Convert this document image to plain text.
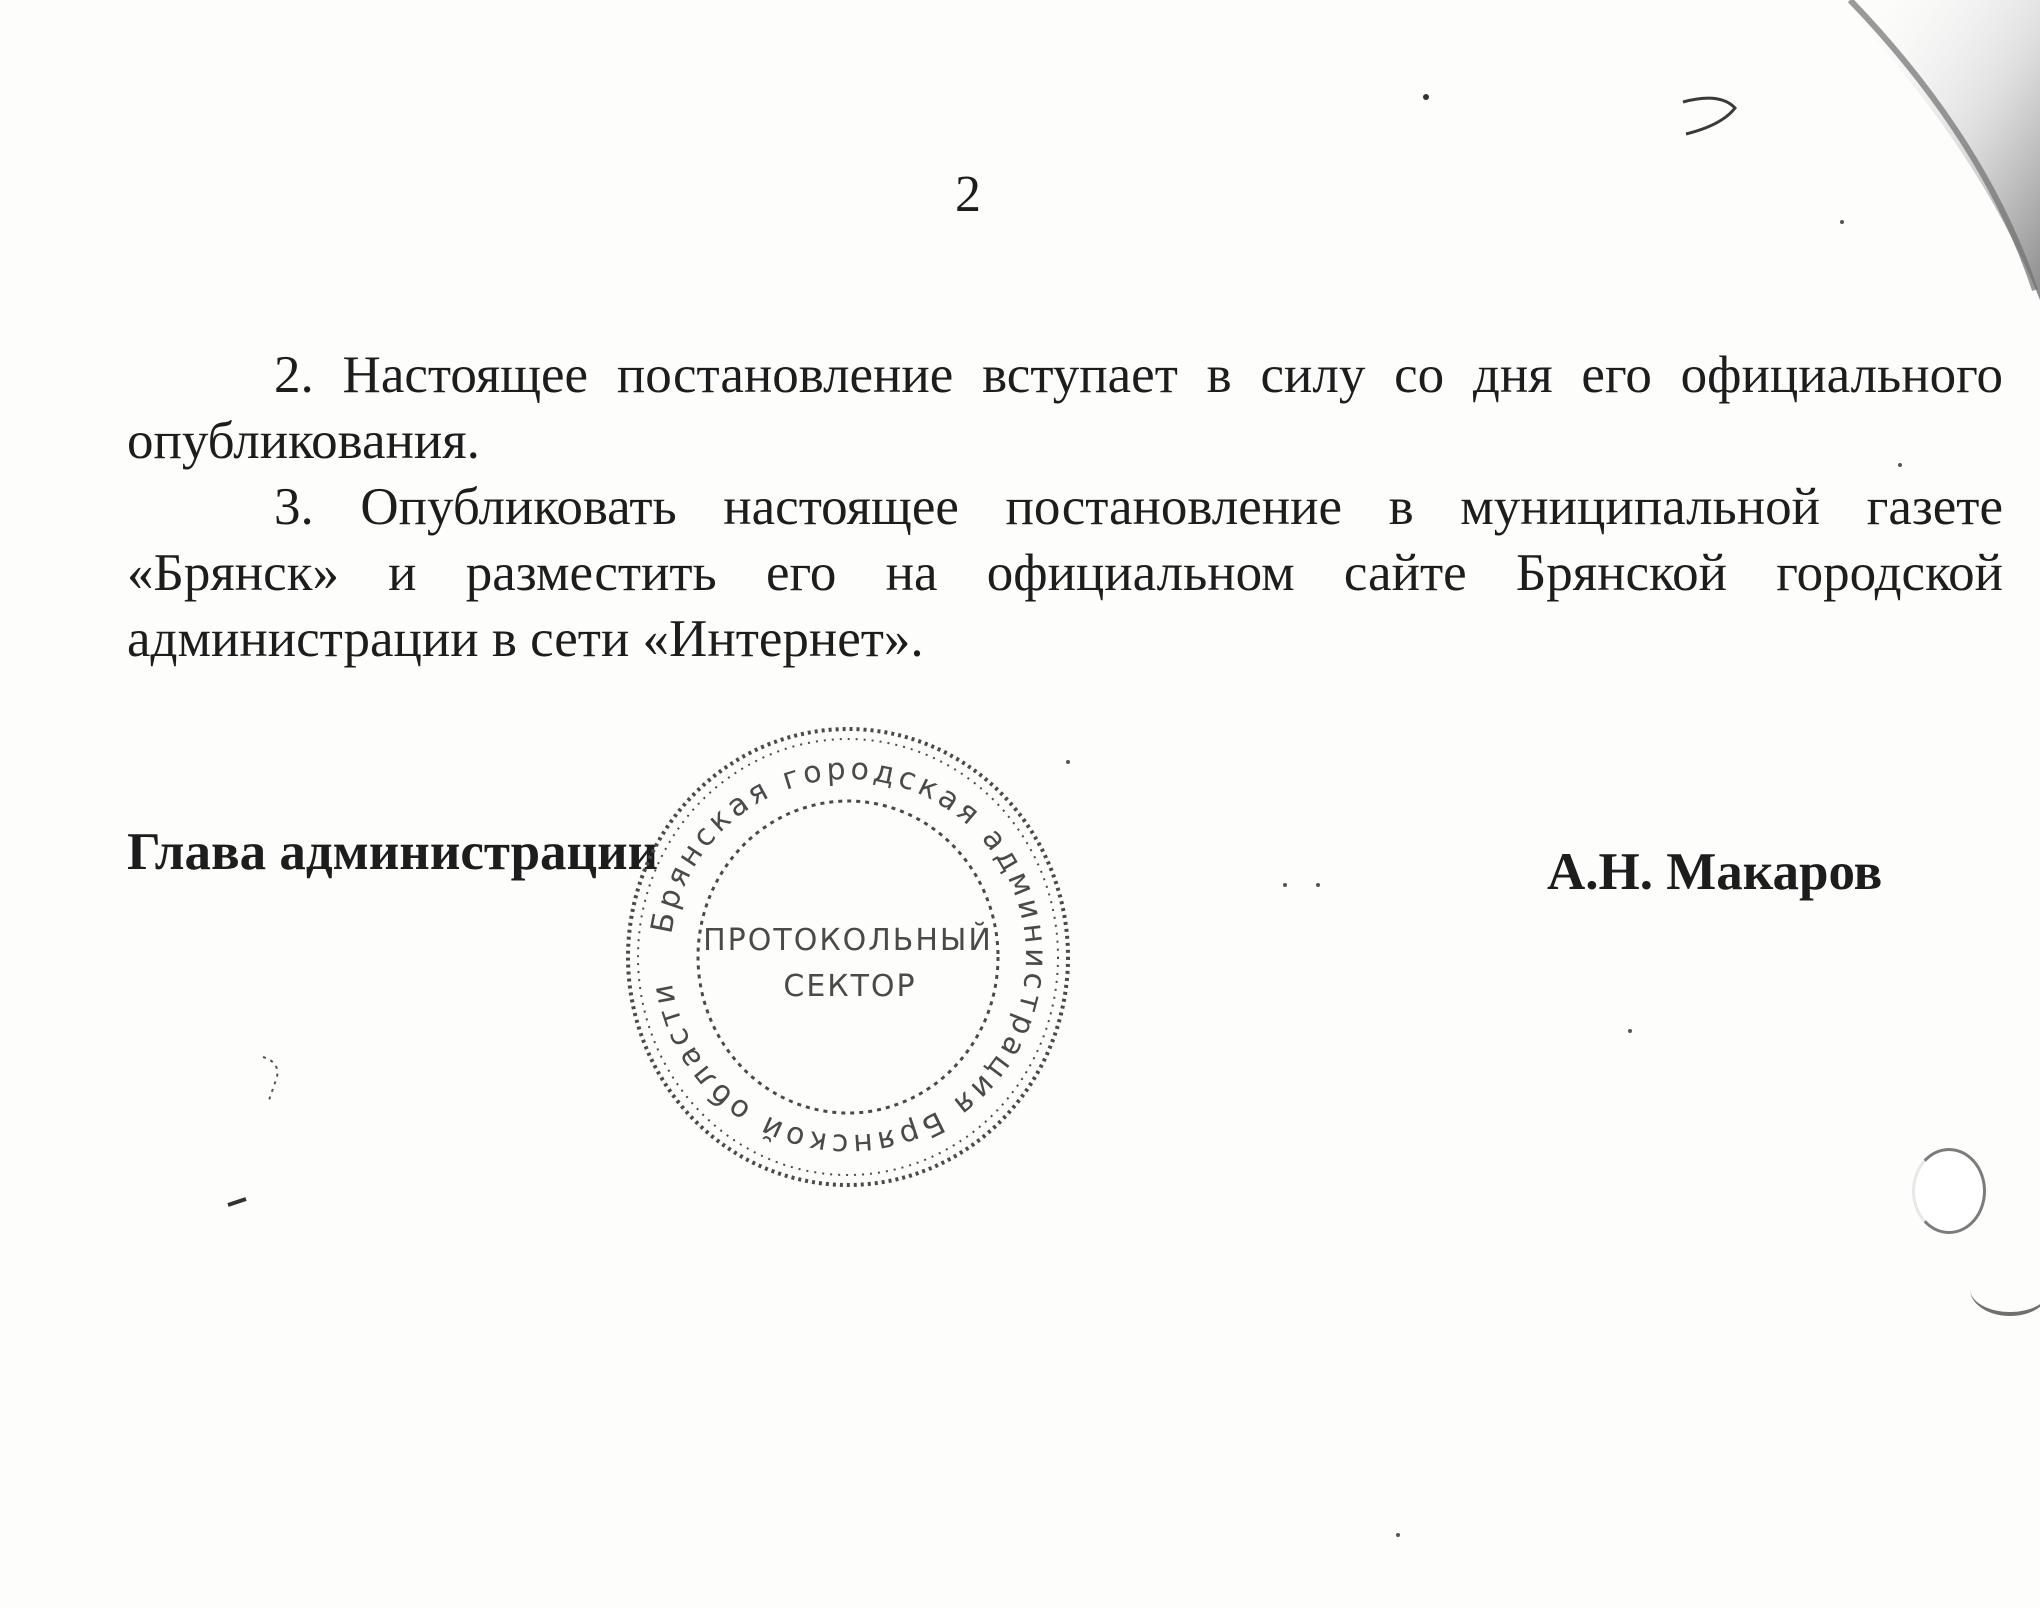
2

2. Настоящее постановление вступает в силу со дня его официального опубликования.

3. Опубликовать настоящее постановление в муниципальной газете «Брянск» и разместить его на официальном сайте Брянской городской администрации в сети «Интернет».

Глава администрации	А.Н. Макаров
Брянская городская администрация Брянской области
ПРОТОКОЛЬНЫЙ
СЕКТОР
